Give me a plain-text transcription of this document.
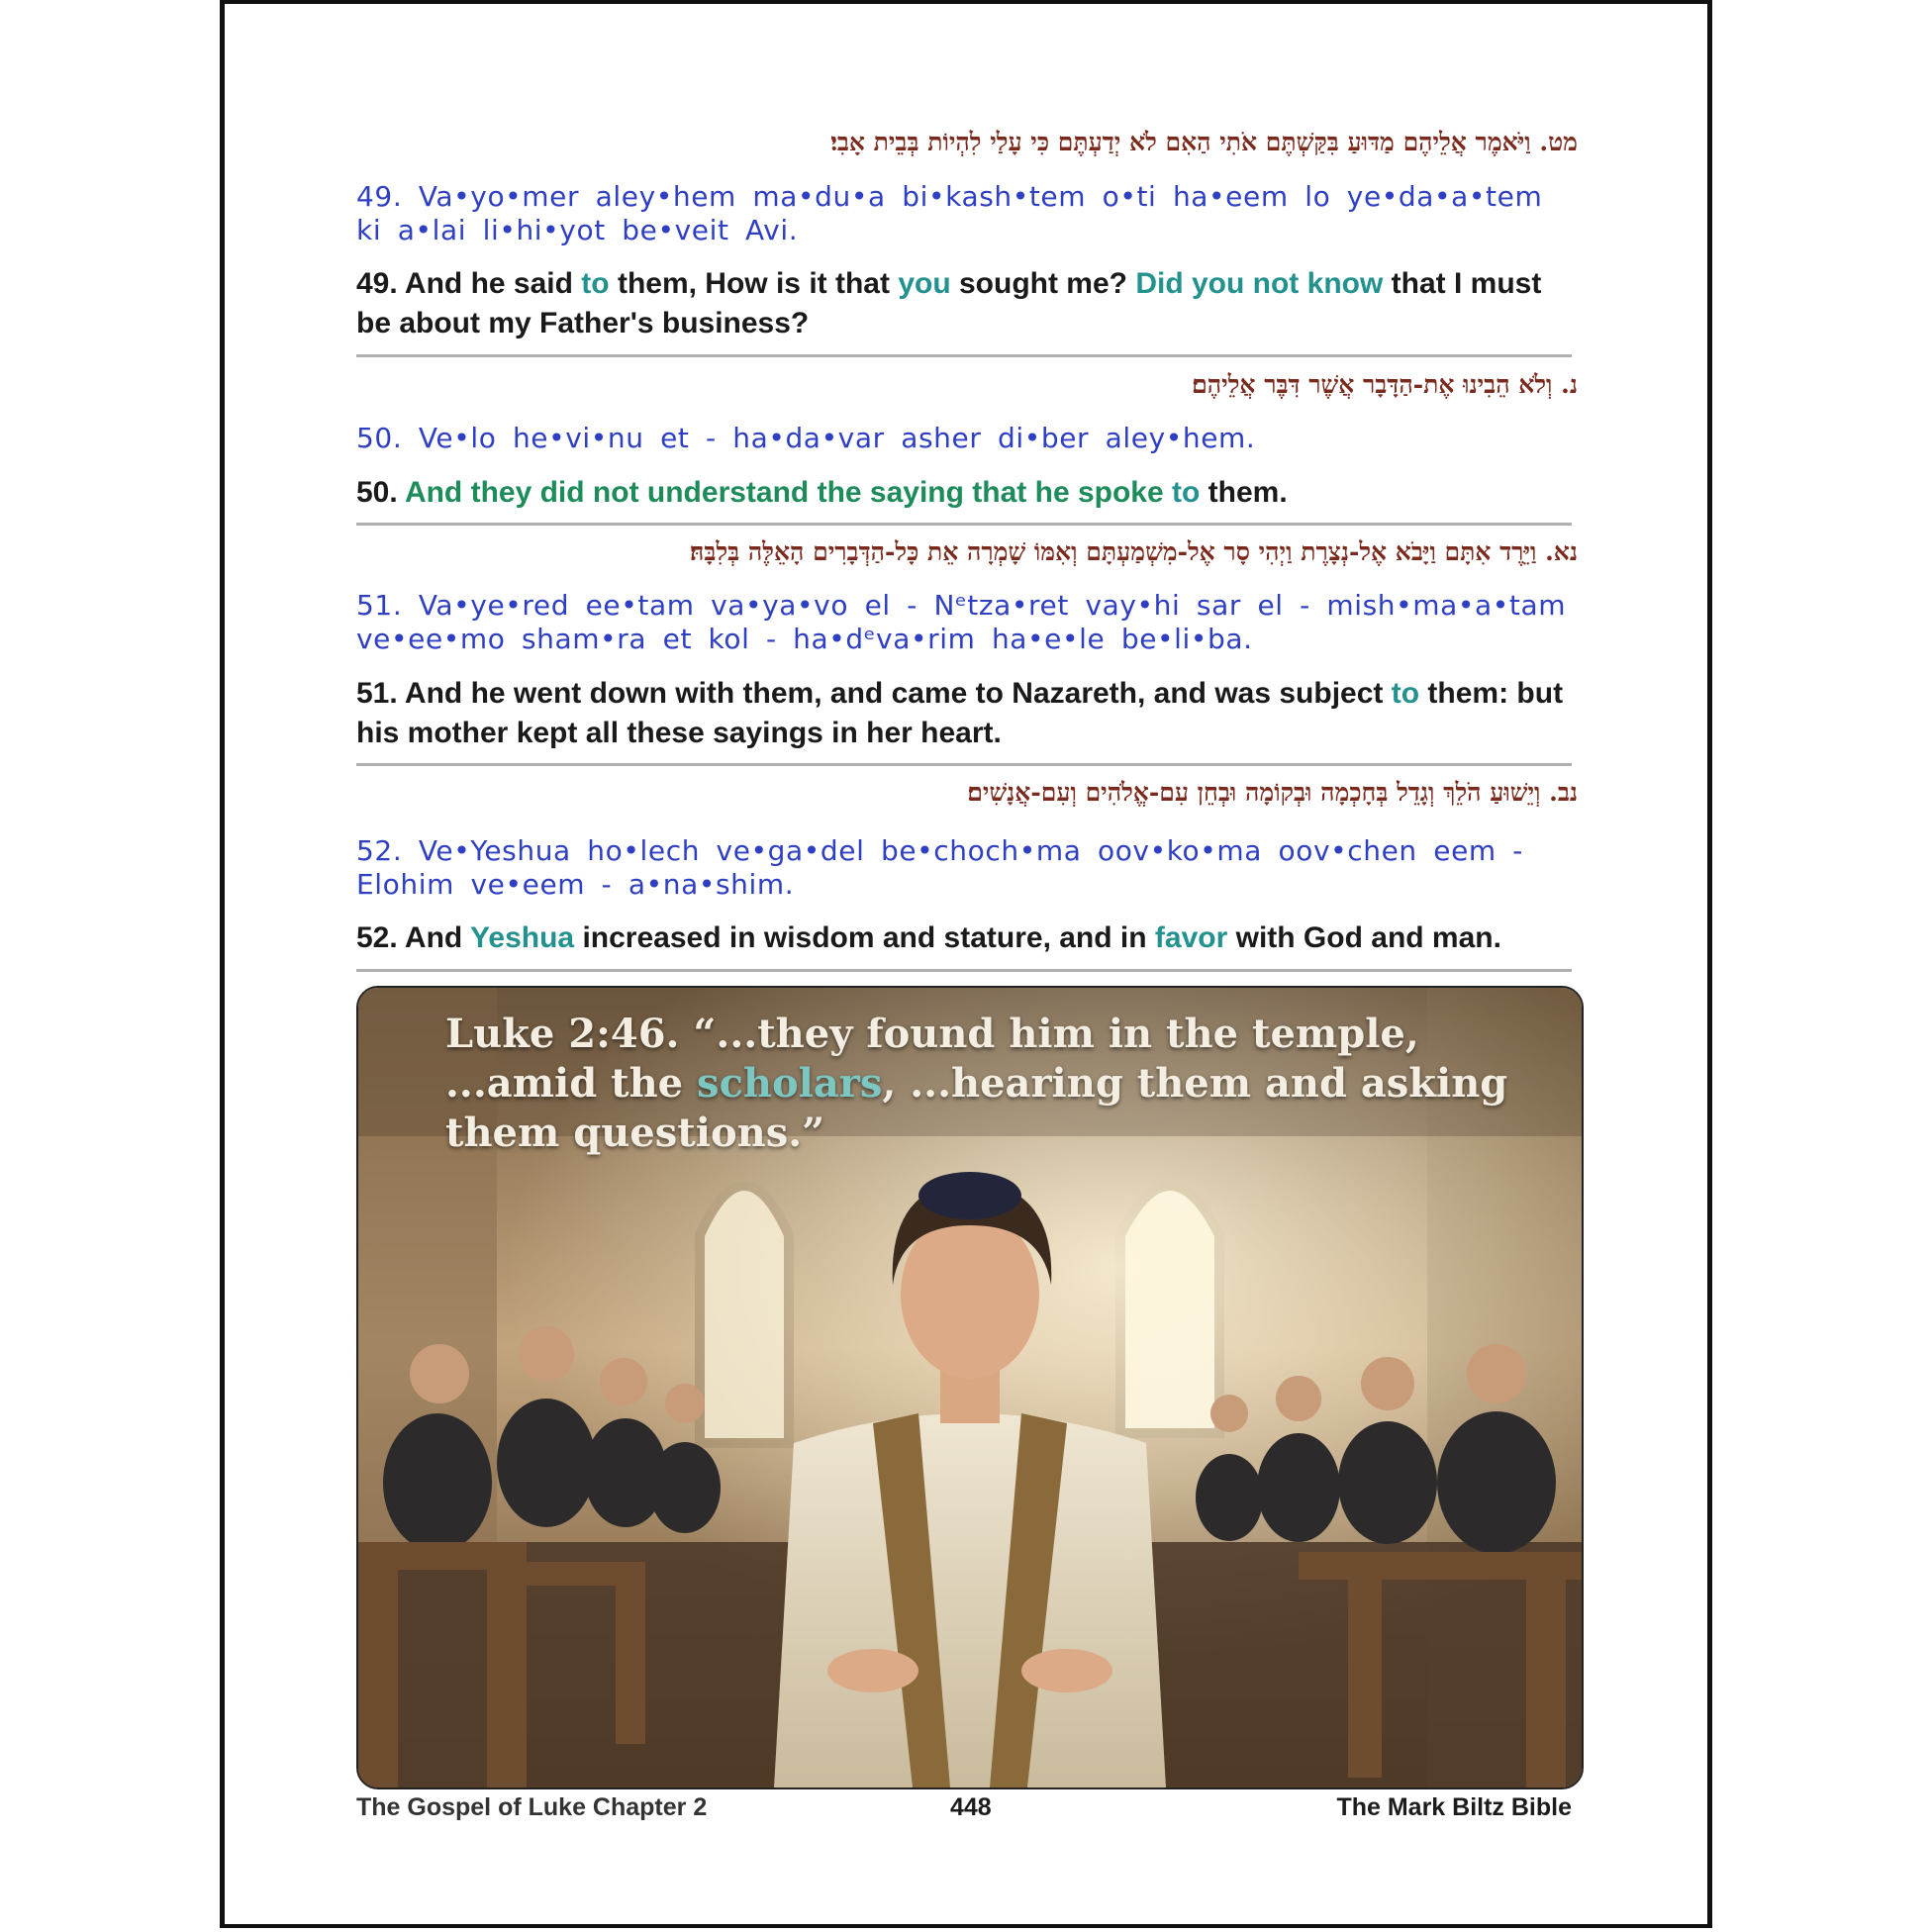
מט. וַיֹּאמֶר אֲלֵיהֶם מַדּוּעַ בִּקַּשְׁתֶּם אֹתִי הַאִם לֹא יְדַעְתֶּם כִּי עָלַי לִהְיוֹת בְּבֵית אָבִי׃
49. Va•yo•mer aley•hem ma•du•a bi•kash•tem o•ti ha•eem lo ye•da•a•tem ki a•lai li•hi•yot be•veit Avi.
49. And he said to them, How is it that you sought me? Did you not know that I must be about my Father's business?
נ. וְלֹא הֵבִינוּ אֶת-הַדָּבָר אֲשֶׁר דִּבֶּר אֲלֵיהֶם׃
50. Ve•lo he•vi•nu et - ha•da•var asher di•ber aley•hem.
50. And they did not understand the saying that he spoke to them.
נא. וַיֵּרֶד אִתָּם וַיָּבֹא אֶל-נְצָרֶת וַיְהִי סָר אֶל-מִשְׁמַעְתָּם וְאִמּוֹ שָׁמְרָה אֵת כָּל-הַדְּבָרִים הָאֵלֶּה בְּלִבָּהּ׃
51. Va•ye•red ee•tam va•ya•vo el - Nᵉtza•ret vay•hi sar el - mish•ma•a•tam ve•ee•mo sham•ra et kol - ha•dᵉva•rim ha•e•le be•li•ba.
51. And he went down with them, and came to Nazareth, and was subject to them: but his mother kept all these sayings in her heart.
נב. וְיֵשׁוּעַ הֹלֵךְ וְגָדֵל בְּחָכְמָה וּבְקוֹמָה וּבְחֵן עִם-אֱלֹהִים וְעִם-אֲנָשִׁים׃
52. Ve•Yeshua ho•lech ve•ga•del be•choch•ma oov•ko•ma oov•chen eem - Elohim ve•eem - a•na•shim.
52. And Yeshua increased in wisdom and stature, and in favor with God and man.
Luke 2:46. “...they found him in the temple, ...amid the scholars, ...hearing them and asking them questions.”
The Gospel of Luke Chapter 2	448	The Mark Biltz Bible
